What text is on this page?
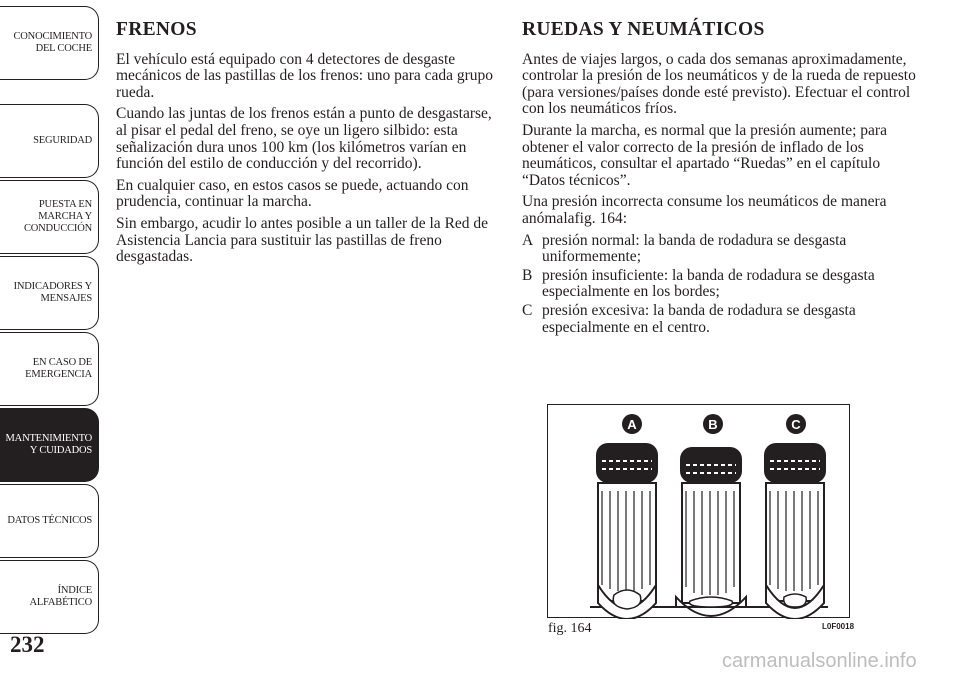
CONOCIMIENTO
DEL COCHE
SEGURIDAD
PUESTA EN
MARCHA Y
CONDUCCIÓN
INDICADORES Y
MENSAJES
EN CASO DE
EMERGENCIA
MANTENIMIENTO
Y CUIDADOS
DATOS TÉCNICOS
ÍNDICE
ALFABÉTICO
232
FRENOS

El vehículo está equipado con 4 detectores de desgaste mecánicos de las pastillas de los frenos: uno para cada grupo rueda.

Cuando las juntas de los frenos están a punto de desgastarse, al pisar el pedal del freno, se oye un ligero silbido: esta señalización dura unos 100 km (los kilómetros varían en función del estilo de conducción y del recorrido).

En cualquier caso, en estos casos se puede, actuando con prudencia, continuar la marcha.

Sin embargo, acudir lo antes posible a un taller de la Red de Asistencia Lancia para sustituir las pastillas de freno desgastadas.

RUEDAS Y NEUMÁTICOS

Antes de viajes largos, o cada dos semanas aproximadamente, controlar la presión de los neumáticos y de la rueda de repuesto (para versiones/países donde esté previsto). Efectuar el control con los neumáticos fríos.

Durante la marcha, es normal que la presión aumente; para obtener el valor correcto de la presión de inflado de los neumáticos, consultar el apartado “Ruedas” en el capítulo “Datos técnicos”.

Una presión incorrecta consume los neumáticos de manera anómalafig. 164:

A presión normal: la banda de rodadura se desgasta uniformemente;
B presión insuficiente: la banda de rodadura se desgasta especialmente en los bordes;
C presión excesiva: la banda de rodadura se desgasta especialmente en el centro.
A	B	C
fig. 164	L0F0018
carmanualsonline.info
